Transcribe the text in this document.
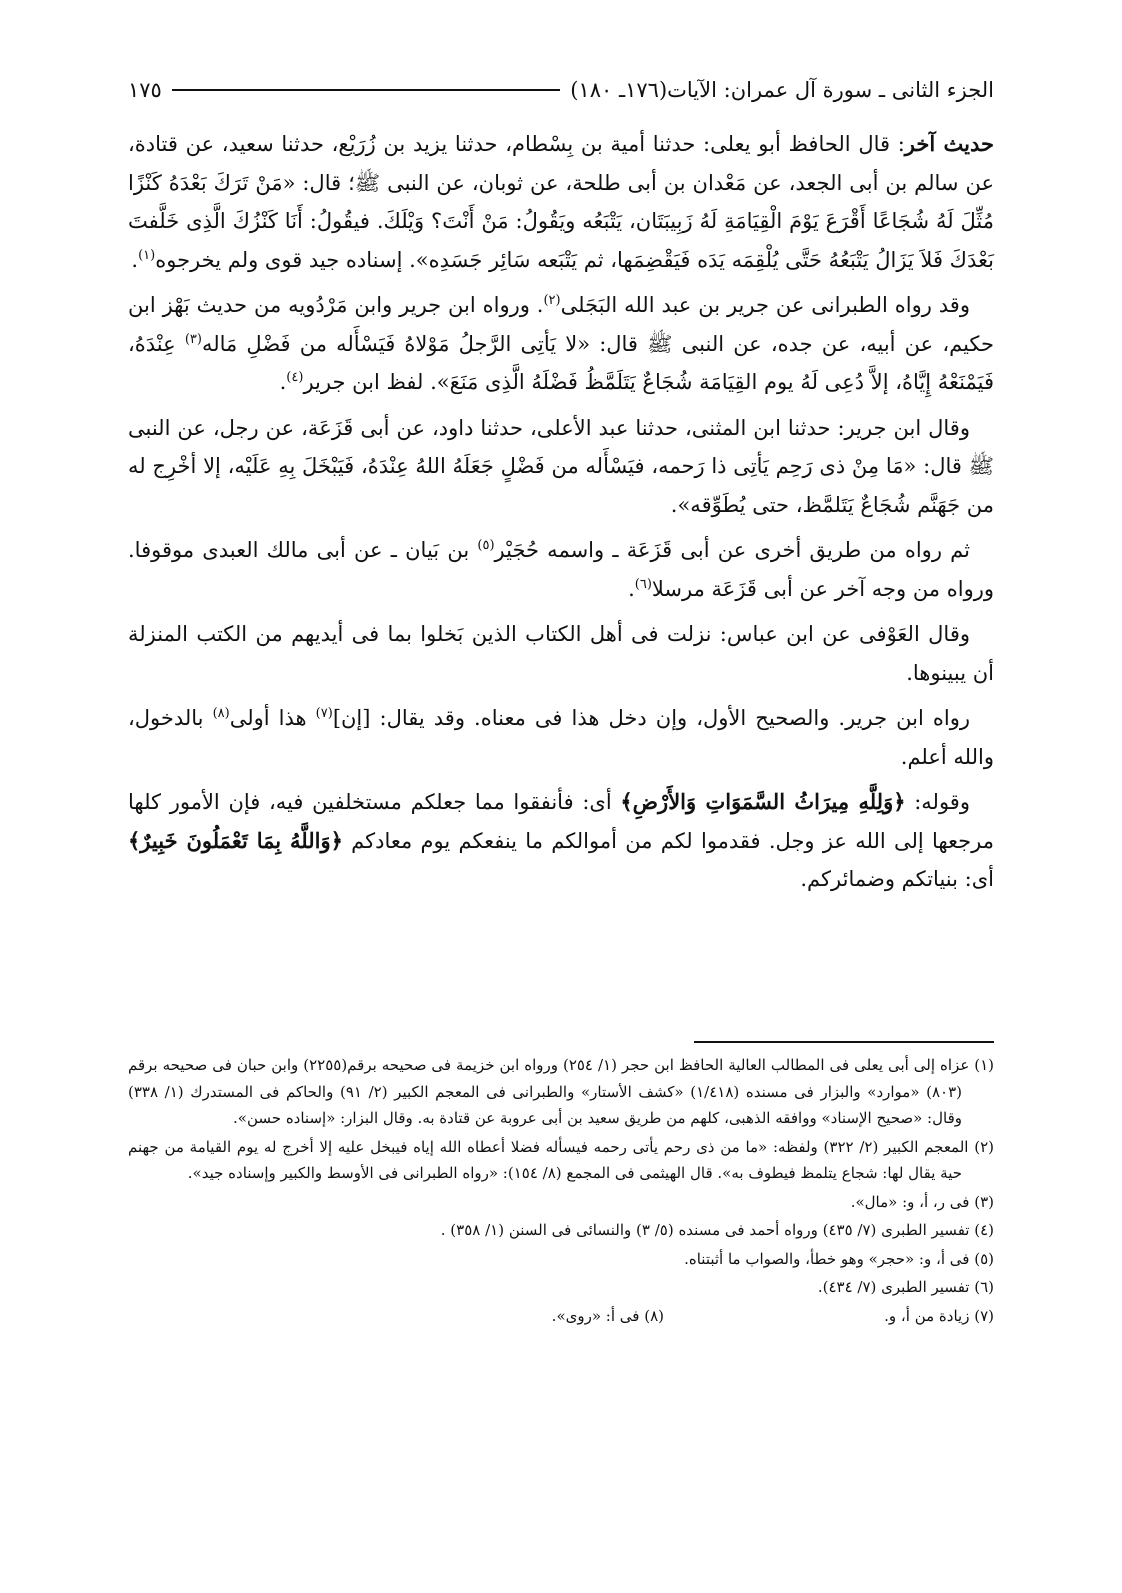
الجزء الثانى ـ سورة آل عمران: الآيات(١٧٦ـ ١٨٠)
١٧٥

حديث آخر: قال الحافظ أبو يعلى: حدثنا أمية بن بِسْطام، حدثنا يزيد بن زُرَيْع، حدثنا سعيد، عن قتادة، عن سالم بن أبى الجعد، عن مَعْدان بن أبى طلحة، عن ثوبان، عن النبى ﷺ؛ قال: «مَنْ تَرَكَ بَعْدَهُ كَنْزًا مُثِّلَ لَهُ شُجَاعًا أَقْرَعَ يَوْمَ الْقِيَامَةِ لَهُ زَبِيبَتَان، يَتْبَعُه ويَقُولُ: مَنْ أَنْتَ؟ وَيْلَكَ. فيقُولُ: أَنَا كَنْزُكَ الَّذِى خَلَّفتَ بَعْدَكَ فَلاَ يَزَالُ يَتْبَعُهُ حَتَّى يُلْقِمَه يَدَه فَيَقْضِمَها، ثم يَتْبَعه سَائِر جَسَدِه». إسناده جيد قوى ولم يخرجوه$^{(١)}$.

وقد رواه الطبرانى عن جرير بن عبد الله البَجَلى$^{(٢)}$. ورواه ابن جرير وابن مَرْدُويه من حديث بَهْز ابن حكيم، عن أبيه، عن جده، عن النبى ﷺ قال: «لا يَأتِى الرَّجلُ مَوْلاهُ فَيَسْأَله من فَضْلِ مَاله$^{(٣)}$ عِنْدَهُ، فَيَمْنَعْهُ إِيَّاهُ، إلاَّ دُعِى لَهُ يوم القِيَامَة شُجَاعٌ يَتَلَمَّظُ فَضْلَهُ الَّذِى مَنَعَ». لفظ ابن جرير$^{(٤)}$.

وقال ابن جرير: حدثنا ابن المثنى، حدثنا عبد الأعلى، حدثنا داود، عن أبى قَزَعَة، عن رجل، عن النبى ﷺ قال: «مَا مِنْ ذى رَحِم يَأتِى ذا رَحمه، فيَسْأَله من فَضْلٍ جَعَلَهُ اللهُ عِنْدَهُ، فَيَبْخَلَ بِهِ عَلَيْه، إلا أخْرِج له من جَهَنَّم شُجَاعٌ يَتَلمَّظ، حتى يُطَوِّقه».

ثم رواه من طريق أخرى عن أبى قَزَعَة ـ واسمه حُجَيْر$^{(٥)}$ بن بَيان ـ عن أبى مالك العبدى موقوفا. ورواه من وجه آخر عن أبى قَزَعَة مرسلا$^{(٦)}$.

وقال العَوْفى عن ابن عباس: نزلت فى أهل الكتاب الذين بَخلوا بما فى أيديهم من الكتب المنزلة أن يبينوها.

رواه ابن جرير. والصحيح الأول، وإن دخل هذا فى معناه. وقد يقال: [إن]$^{(٧)}$ هذا أولى$^{(٨)}$ بالدخول، والله أعلم.

وقوله: ﴿وَلِلَّهِ مِيرَاثُ السَّمَوَاتِ وَالأَرْضِ﴾ أى: فأنفقوا مما جعلكم مستخلفين فيه، فإن الأمور كلها مرجعها إلى الله عز وجل. فقدموا لكم من أموالكم ما ينفعكم يوم معادكم ﴿وَاللَّهُ بِمَا تَعْمَلُونَ خَبِيرٌ﴾ أى: بنياتكم وضمائركم.

(١) عزاه إلى أبى يعلى فى المطالب العالية الحافظ ابن حجر (١/ ٢٥٤) ورواه ابن خزيمة فى صحيحه برقم(٢٢٥٥) وابن حبان فى صحيحه برقم (٨٠٣) «موارد» والبزار فى مسنده (١/٤١٨) «كشف الأستار» والطبرانى فى المعجم الكبير (٢/ ٩١) والحاكم فى المستدرك (١/ ٣٣٨) وقال: «صحيح الإسناد» ووافقه الذهبى، كلهم من طريق سعيد بن أبى عروبة عن قتادة به. وقال البزار: «إسناده حسن».
(٢) المعجم الكبير (٢/ ٣٢٢) ولفظه: «ما من ذى رحم يأتى رحمه فيسأله فضلا أعطاه الله إياه فيبخل عليه إلا أخرج له يوم القيامة من جهنم حية يقال لها: شجاع يتلمظ فيطوف به». قال الهيثمى فى المجمع (٨/ ١٥٤): «رواه الطبرانى فى الأوسط والكبير وإسناده جيد».
(٣) فى ر، أ، و: «مال».
(٤) تفسير الطبرى (٧/ ٤٣٥) ورواه أحمد فى مسنده (٥/ ٣) والنسائى فى السنن (١/ ٣٥٨) .
(٥) فى أ، و: «حجر» وهو خطأ، والصواب ما أثبتناه.
(٦) تفسير الطبرى (٧/ ٤٣٤).
(٧) زيادة من أ، و.
(٨) فى أ: «روى».
